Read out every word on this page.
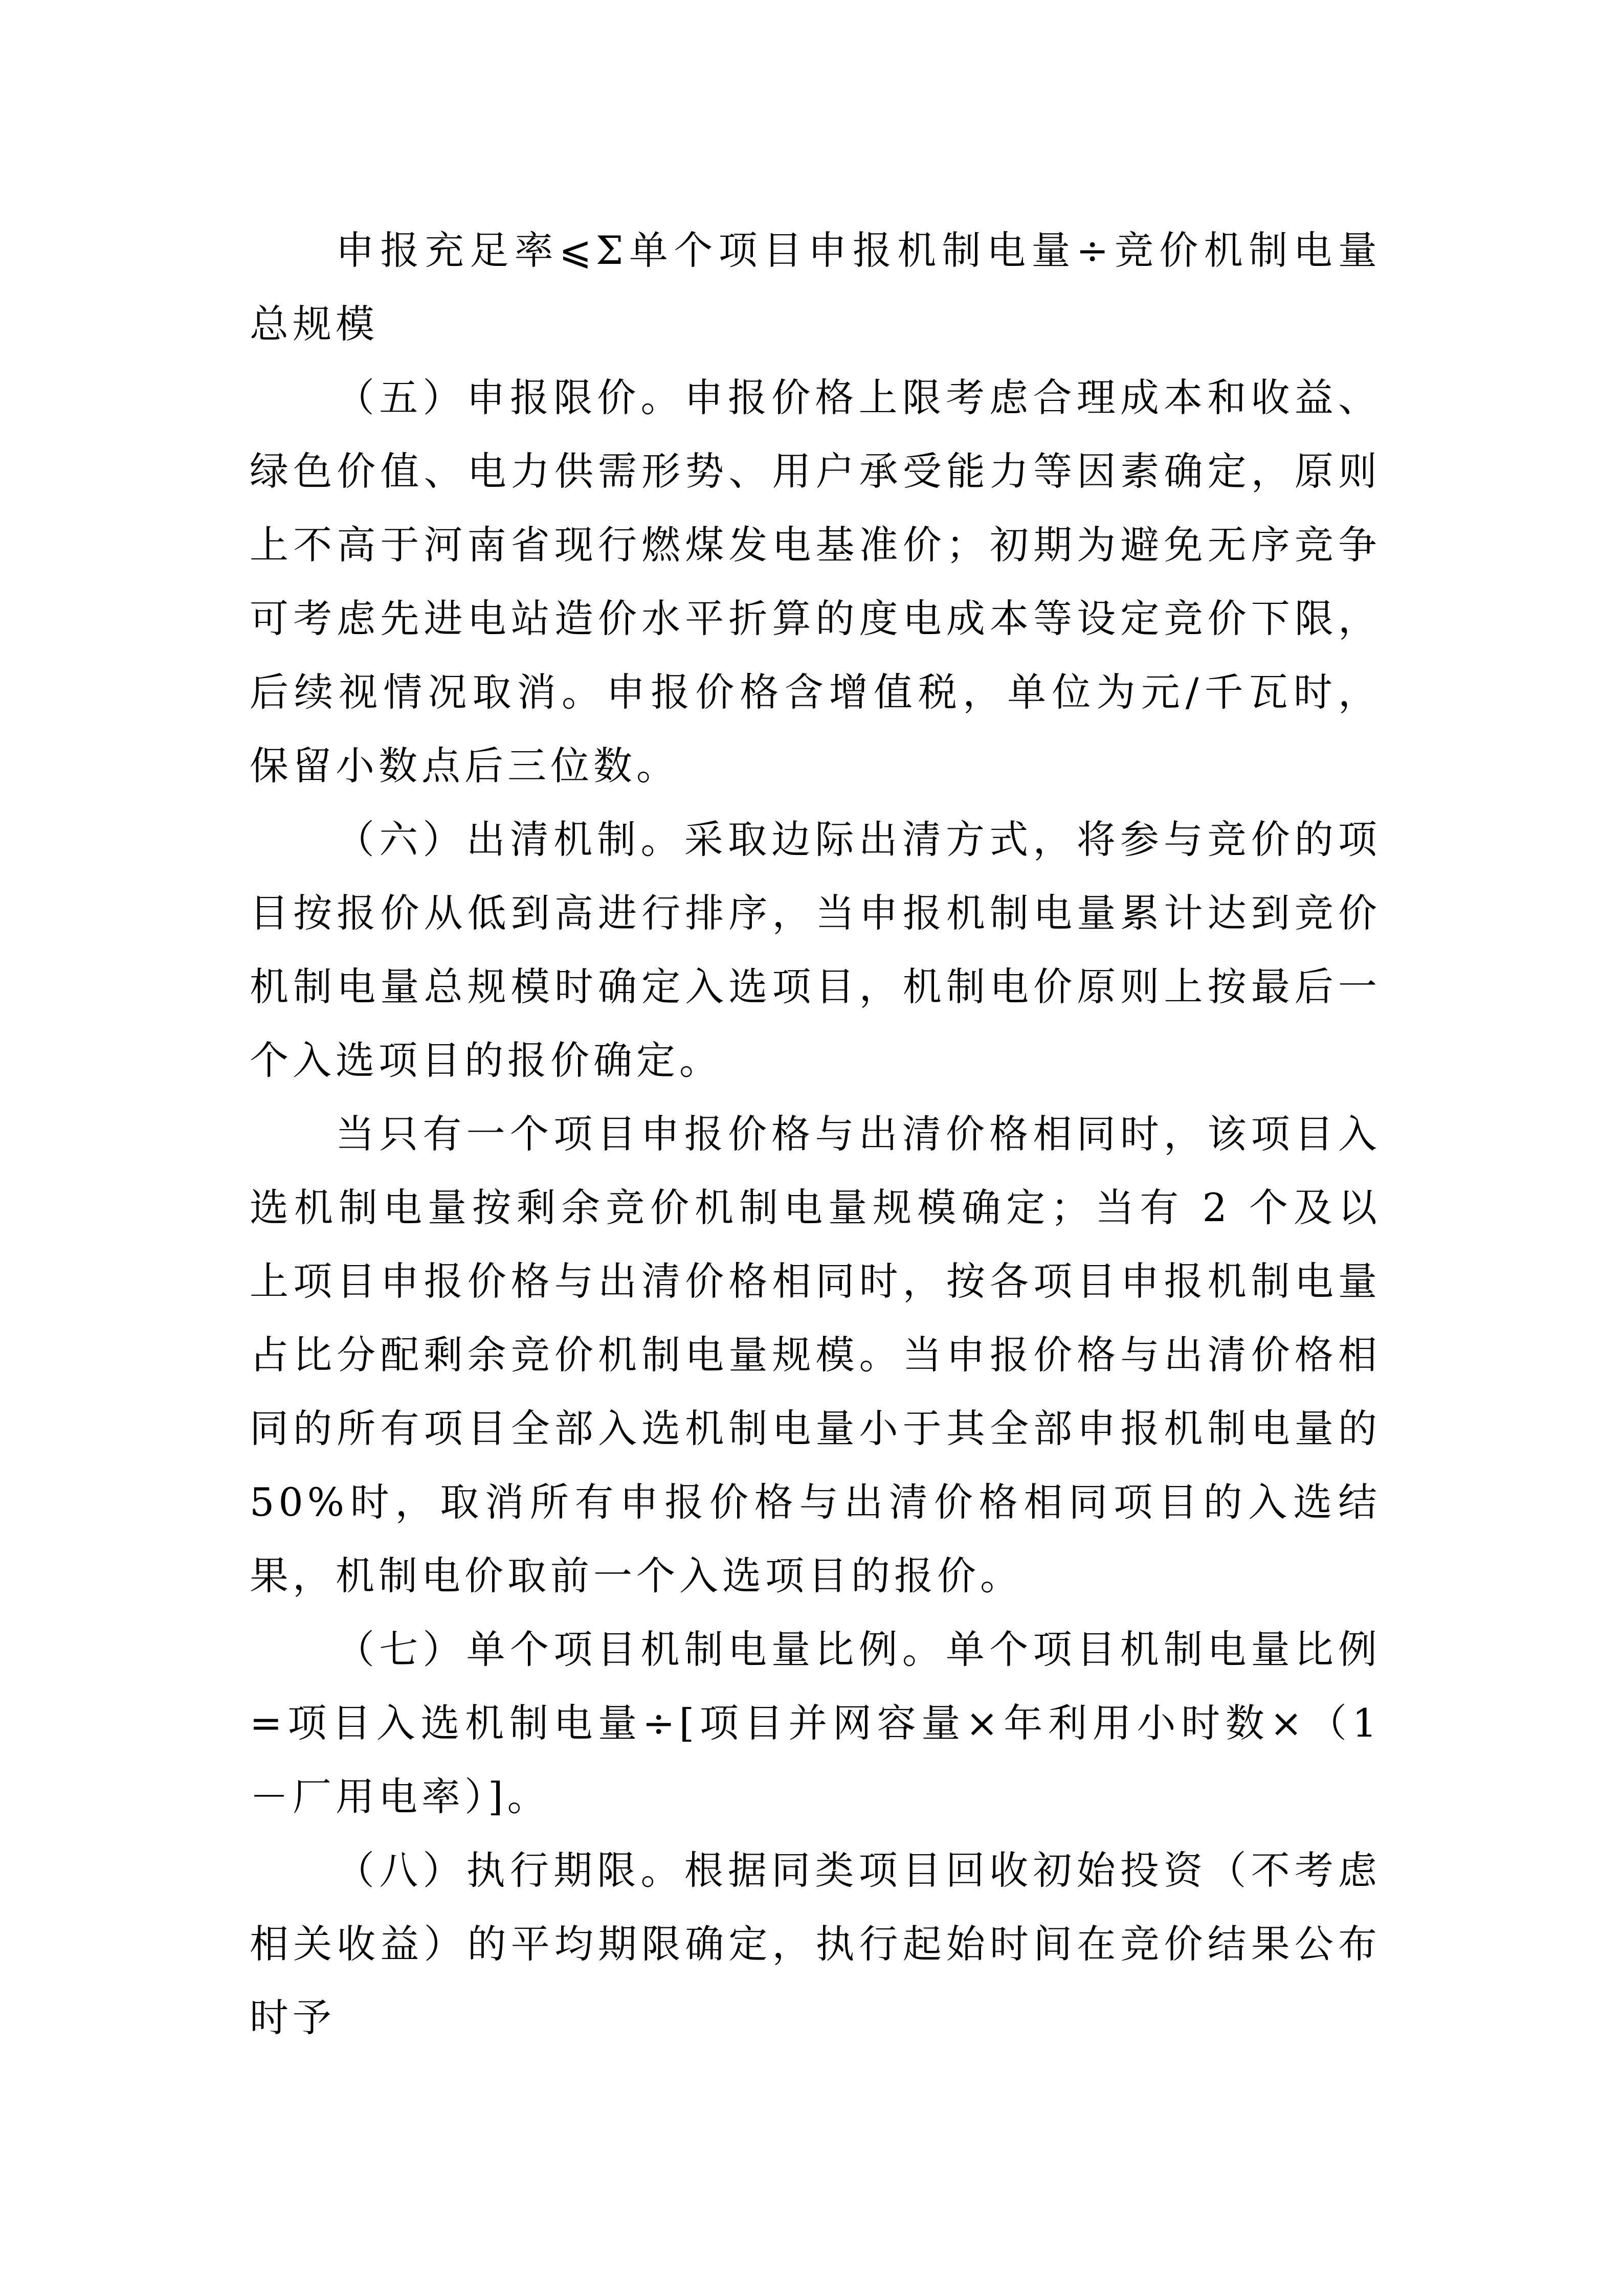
申报充足率⩽Σ单个项目申报机制电量÷竞价机制电量总规模

（五）申报限价。申报价格上限考虑合理成本和收益、绿色价值、电力供需形势、用户承受能力等因素确定，原则上不高于河南省现行燃煤发电基准价；初期为避免无序竞争可考虑先进电站造价水平折算的度电成本等设定竞价下限，后续视情况取消。申报价格含增值税，单位为元/千瓦时，保留小数点后三位数。

（六）出清机制。采取边际出清方式，将参与竞价的项目按报价从低到高进行排序，当申报机制电量累计达到竞价机制电量总规模时确定入选项目，机制电价原则上按最后一个入选项目的报价确定。

当只有一个项目申报价格与出清价格相同时，该项目入选机制电量按剩余竞价机制电量规模确定；当有 2 个及以上项目申报价格与出清价格相同时，按各项目申报机制电量占比分配剩余竞价机制电量规模。当申报价格与出清价格相同的所有项目全部入选机制电量小于其全部申报机制电量的 50%时，取消所有申报价格与出清价格相同项目的入选结果，机制电价取前一个入选项目的报价。

（七）单个项目机制电量比例。单个项目机制电量比例=项目入选机制电量÷[项目并网容量×年利用小时数×（1－厂用电率）]。

（八）执行期限。根据同类项目回收初始投资（不考虑相关收益）的平均期限确定，执行起始时间在竞价结果公布时予
